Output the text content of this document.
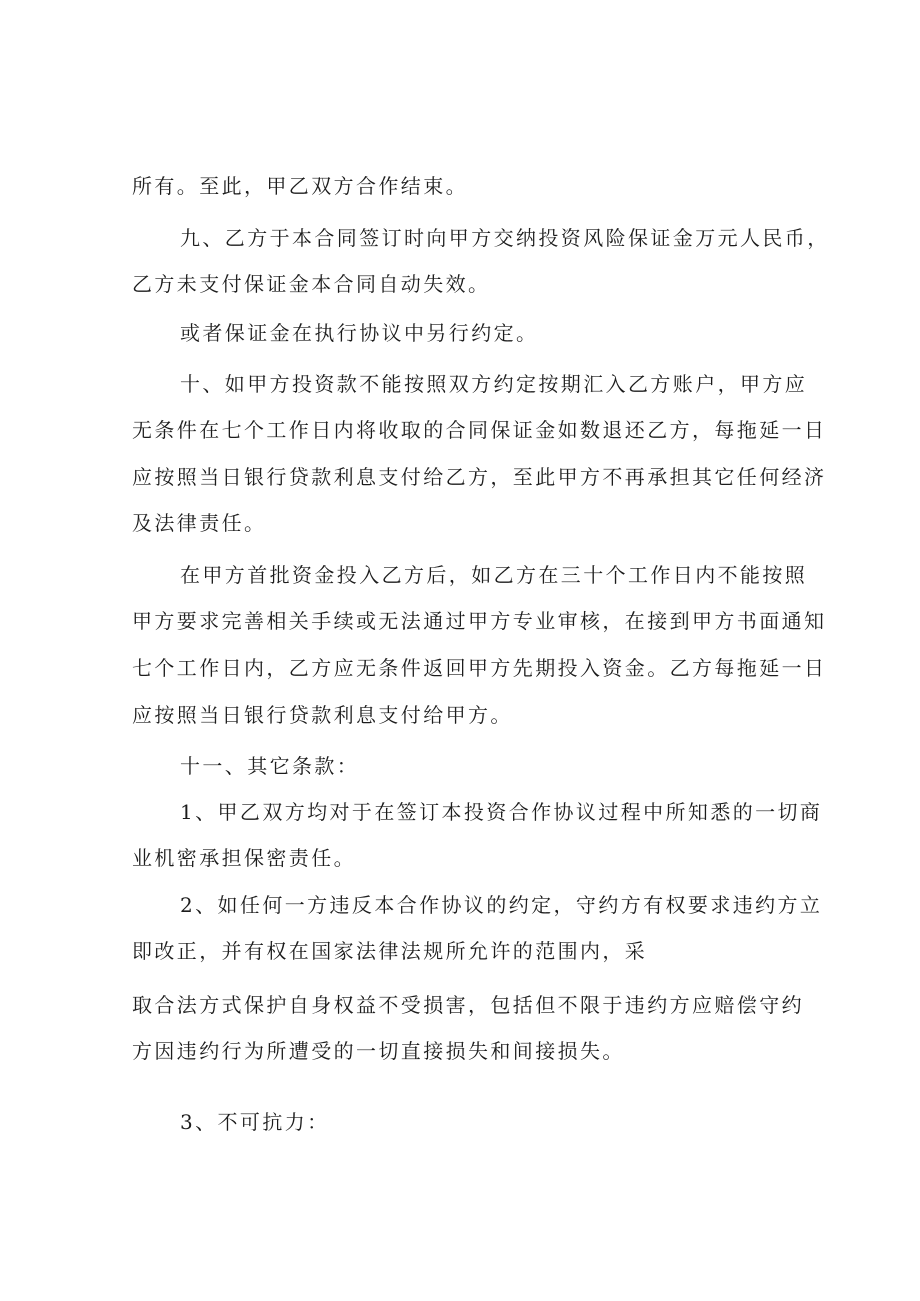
所有。至此，甲乙双方合作结束。

九、乙方于本合同签订时向甲方交纳投资风险保证金万元人民币，

乙方未支付保证金本合同自动失效。

或者保证金在执行协议中另行约定。

十、如甲方投资款不能按照双方约定按期汇入乙方账户，甲方应

无条件在七个工作日内将收取的合同保证金如数退还乙方，每拖延一日

应按照当日银行贷款利息支付给乙方，至此甲方不再承担其它任何经济

及法律责任。

在甲方首批资金投入乙方后，如乙方在三十个工作日内不能按照

甲方要求完善相关手续或无法通过甲方专业审核，在接到甲方书面通知

七个工作日内，乙方应无条件返回甲方先期投入资金。乙方每拖延一日

应按照当日银行贷款利息支付给甲方。

十一、其它条款：

1、甲乙双方均对于在签订本投资合作协议过程中所知悉的一切商

业机密承担保密责任。

2、如任何一方违反本合作协议的约定，守约方有权要求违约方立

即改正，并有权在国家法律法规所允许的范围内，采

取合法方式保护自身权益不受损害，包括但不限于违约方应赔偿守约

方因违约行为所遭受的一切直接损失和间接损失。

3、不可抗力：
